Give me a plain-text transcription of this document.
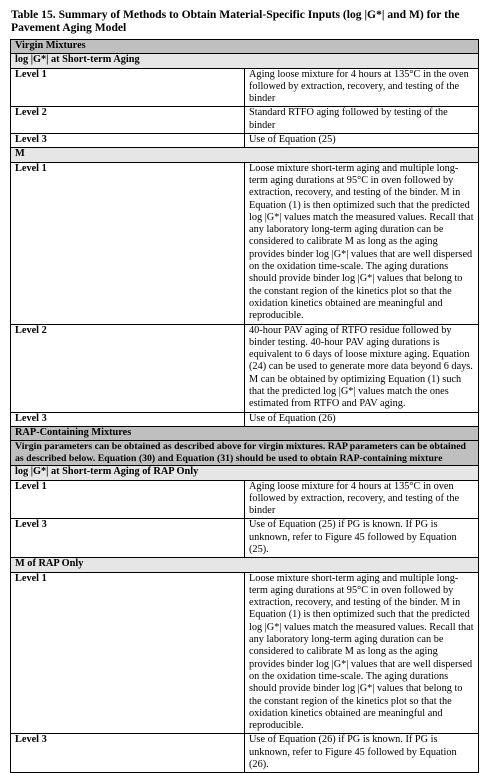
Table 15. Summary of Methods to Obtain Material-Specific Inputs (log |G*| and M) for the Pavement Aging Model
Virgin Mixtures	
log |G*| at Short-term Aging	
Level 1	Aging loose mixture for 4 hours at 135°C in the oven followed by extraction, recovery, and testing of the binder
Level 2	Standard RTFO aging followed by testing of the binder
Level 3	Use of Equation (25)
M	
Level 1	Loose mixture short-term aging and multiple long-term aging durations at 95°C in oven followed by extraction, recovery, and testing of the binder. M in Equation (1) is then optimized such that the predicted log |G*| values match the measured values. Recall that any laboratory long-term aging duration can be considered to calibrate M as long as the aging provides binder log |G*| values that are well dispersed on the oxidation time-scale. The aging durations should provide binder log |G*| values that belong to the constant region of the kinetics plot so that the oxidation kinetics obtained are meaningful and reproducible.
Level 2	40-hour PAV aging of RTFO residue followed by binder testing. 40-hour PAV aging durations is equivalent to 6 days of loose mixture aging. Equation (24) can be used to generate more data beyond 6 days. M can be obtained by optimizing Equation (1) such that the predicted log |G*| values match the ones estimated from RTFO and PAV aging.
Level 3	Use of Equation (26)
RAP-Containing Mixtures	

Virgin parameters can be obtained as described above for virgin mixtures. RAP parameters can be obtained as described below. Equation (30) and Equation (31) should be used to obtain RAP-containing mixture	

log |G*| at Short-term Aging of RAP Only	
Level 1	Aging loose mixture for 4 hours at 135°C in oven followed by extraction, recovery, and testing of the binder
Level 3	Use of Equation (25) if PG is known. If PG is unknown, refer to Figure 45 followed by Equation (25).
M of RAP Only	
Level 1	Loose mixture short-term aging and multiple long-term aging durations at 95°C in oven followed by extraction, recovery, and testing of the binder. M in Equation (1) is then optimized such that the predicted log |G*| values match the measured values. Recall that any laboratory long-term aging duration can be considered to calibrate M as long as the aging provides binder log |G*| values that are well dispersed on the oxidation time-scale. The aging durations should provide binder log |G*| values that belong to the constant region of the kinetics plot so that the oxidation kinetics obtained are meaningful and reproducible.
Level 3	Use of Equation (26) if PG is known. If PG is unknown, refer to Figure 45 followed by Equation (26).
